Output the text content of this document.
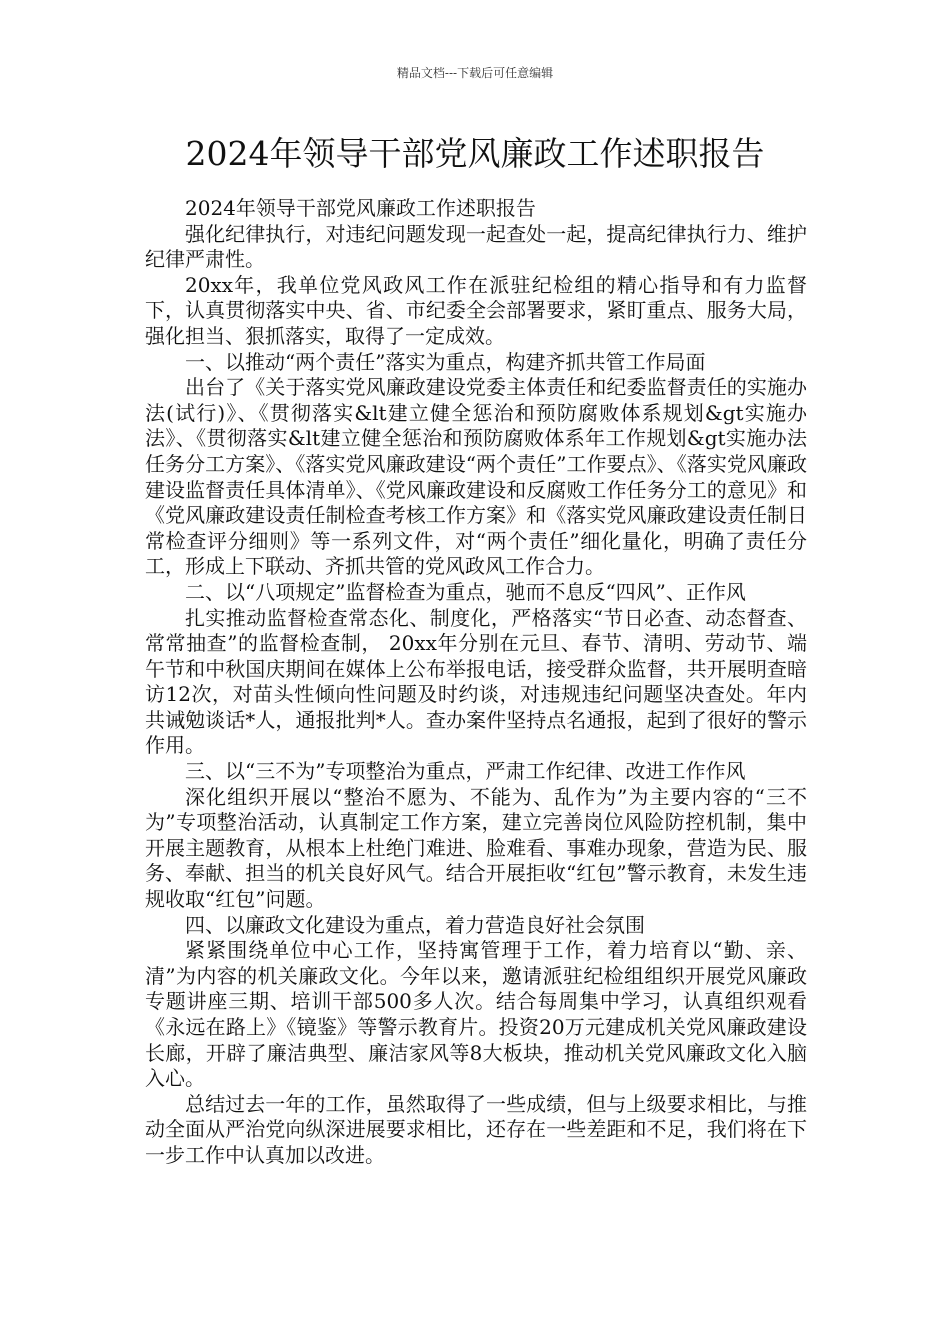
精品文档---下载后可任意编辑
2024年领导干部党风廉政工作述职报告

2024年领导干部党风廉政工作述职报告

强化纪律执行，对违纪问题发现一起查处一起，提高纪律执行力、维护纪律严肃性。

20xx年，我单位党风政风工作在派驻纪检组的精心指导和有力监督下，认真贯彻落实中央、省、市纪委全会部署要求，紧盯重点、服务大局，强化担当、狠抓落实，取得了一定成效。

一、以推动“两个责任”落实为重点，构建齐抓共管工作局面

出台了《关于落实党风廉政建设党委主体责任和纪委监督责任的实施办法(试行)》、《贯彻落实&lt建立健全惩治和预防腐败体系规划&gt实施办法》、《贯彻落实&lt建立健全惩治和预防腐败体系年工作规划&gt实施办法任务分工方案》、《落实党风廉政建设“两个责任”工作要点》、《落实党风廉政建设监督责任具体清单》、《党风廉政建设和反腐败工作任务分工的意见》和《党风廉政建设责任制检查考核工作方案》和《落实党风廉政建设责任制日常检查评分细则》等一系列文件，对“两个责任”细化量化，明确了责任分工，形成上下联动、齐抓共管的党风政风工作合力。

二、以“八项规定”监督检查为重点，驰而不息反“四风”、正作风

扎实推动监督检查常态化、制度化，严格落实“节日必查、动态督查、常常抽查”的监督检查制， 20xx年分别在元旦、春节、清明、劳动节、端午节和中秋国庆期间在媒体上公布举报电话，接受群众监督，共开展明查暗访12次，对苗头性倾向性问题及时约谈，对违规违纪问题坚决查处。年内共诫勉谈话*人，通报批判*人。查办案件坚持点名通报，起到了很好的警示作用。

三、以“三不为”专项整治为重点，严肃工作纪律、改进工作作风

深化组织开展以“整治不愿为、不能为、乱作为”为主要内容的“三不为”专项整治活动，认真制定工作方案，建立完善岗位风险防控机制，集中开展主题教育，从根本上杜绝门难进、脸难看、事难办现象，营造为民、服务、奉献、担当的机关良好风气。结合开展拒收“红包”警示教育，未发生违规收取“红包”问题。

四、以廉政文化建设为重点，着力营造良好社会氛围

紧紧围绕单位中心工作，坚持寓管理于工作，着力培育以“勤、亲、清”为内容的机关廉政文化。今年以来，邀请派驻纪检组组织开展党风廉政专题讲座三期、培训干部500多人次。结合每周集中学习，认真组织观看《永远在路上》《镜鉴》等警示教育片。投资20万元建成机关党风廉政建设长廊，开辟了廉洁典型、廉洁家风等8大板块，推动机关党风廉政文化入脑入心。

总结过去一年的工作，虽然取得了一些成绩，但与上级要求相比，与推动全面从严治党向纵深进展要求相比，还存在一些差距和不足，我们将在下一步工作中认真加以改进。
